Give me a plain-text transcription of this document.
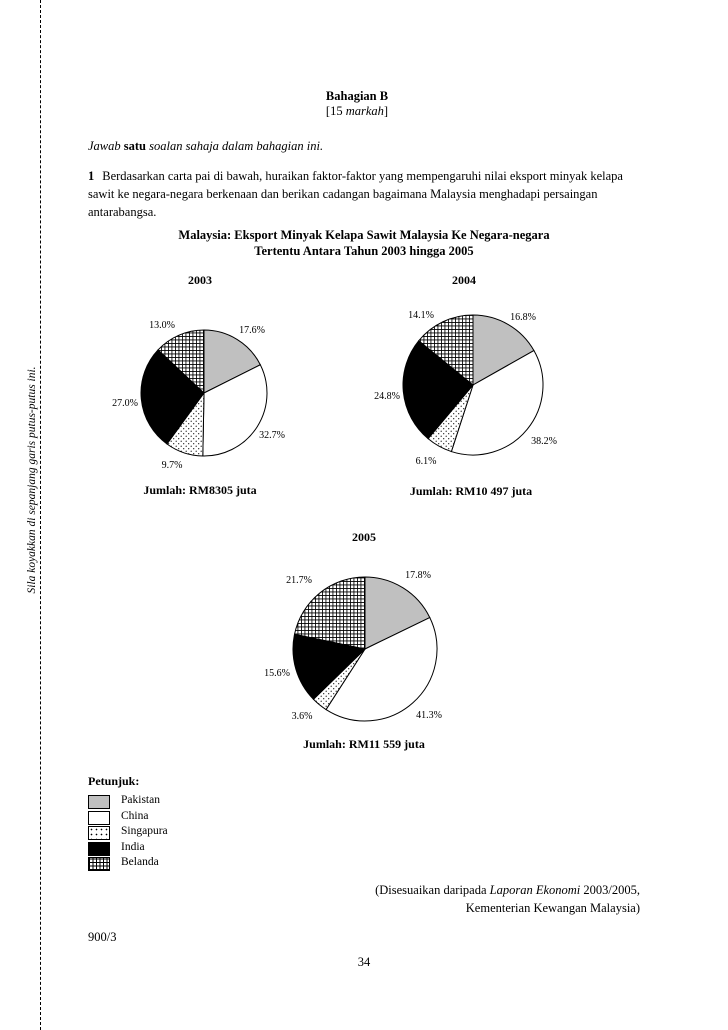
Sila koyakkan di sepanjang garis putus-putus ini.
Bahagian B
[15 markah]
Jawab satu soalan sahaja dalam bahagian ini.
1 Berdasarkan carta pai di bawah, huraikan faktor-faktor yang mempengaruhi nilai eksport minyak kelapa sawit ke negara-negara berkenaan dan berikan cadangan bagaimana Malaysia menghadapi persaingan antarabangsa.
Malaysia: Eksport Minyak Kelapa Sawit Malaysia Ke Negara-negara
Tertentu Antara Tahun 2003 hingga 2005
17.6%
32.7%
9.7%
27.0%
13.0%
2003
Jumlah: RM8305 juta
16.8%
38.2%
6.1%
24.8%
14.1%
2004
Jumlah: RM10 497 juta
17.8%
41.3%
3.6%
15.6%
21.7%
2005
Jumlah: RM11 559 juta
Petunjuk:
Pakistan
China
Singapura
India
Belanda
(Disesuaikan daripada Laporan Ekonomi 2003/2005,
Kementerian Kewangan Malaysia)
900/3
34
